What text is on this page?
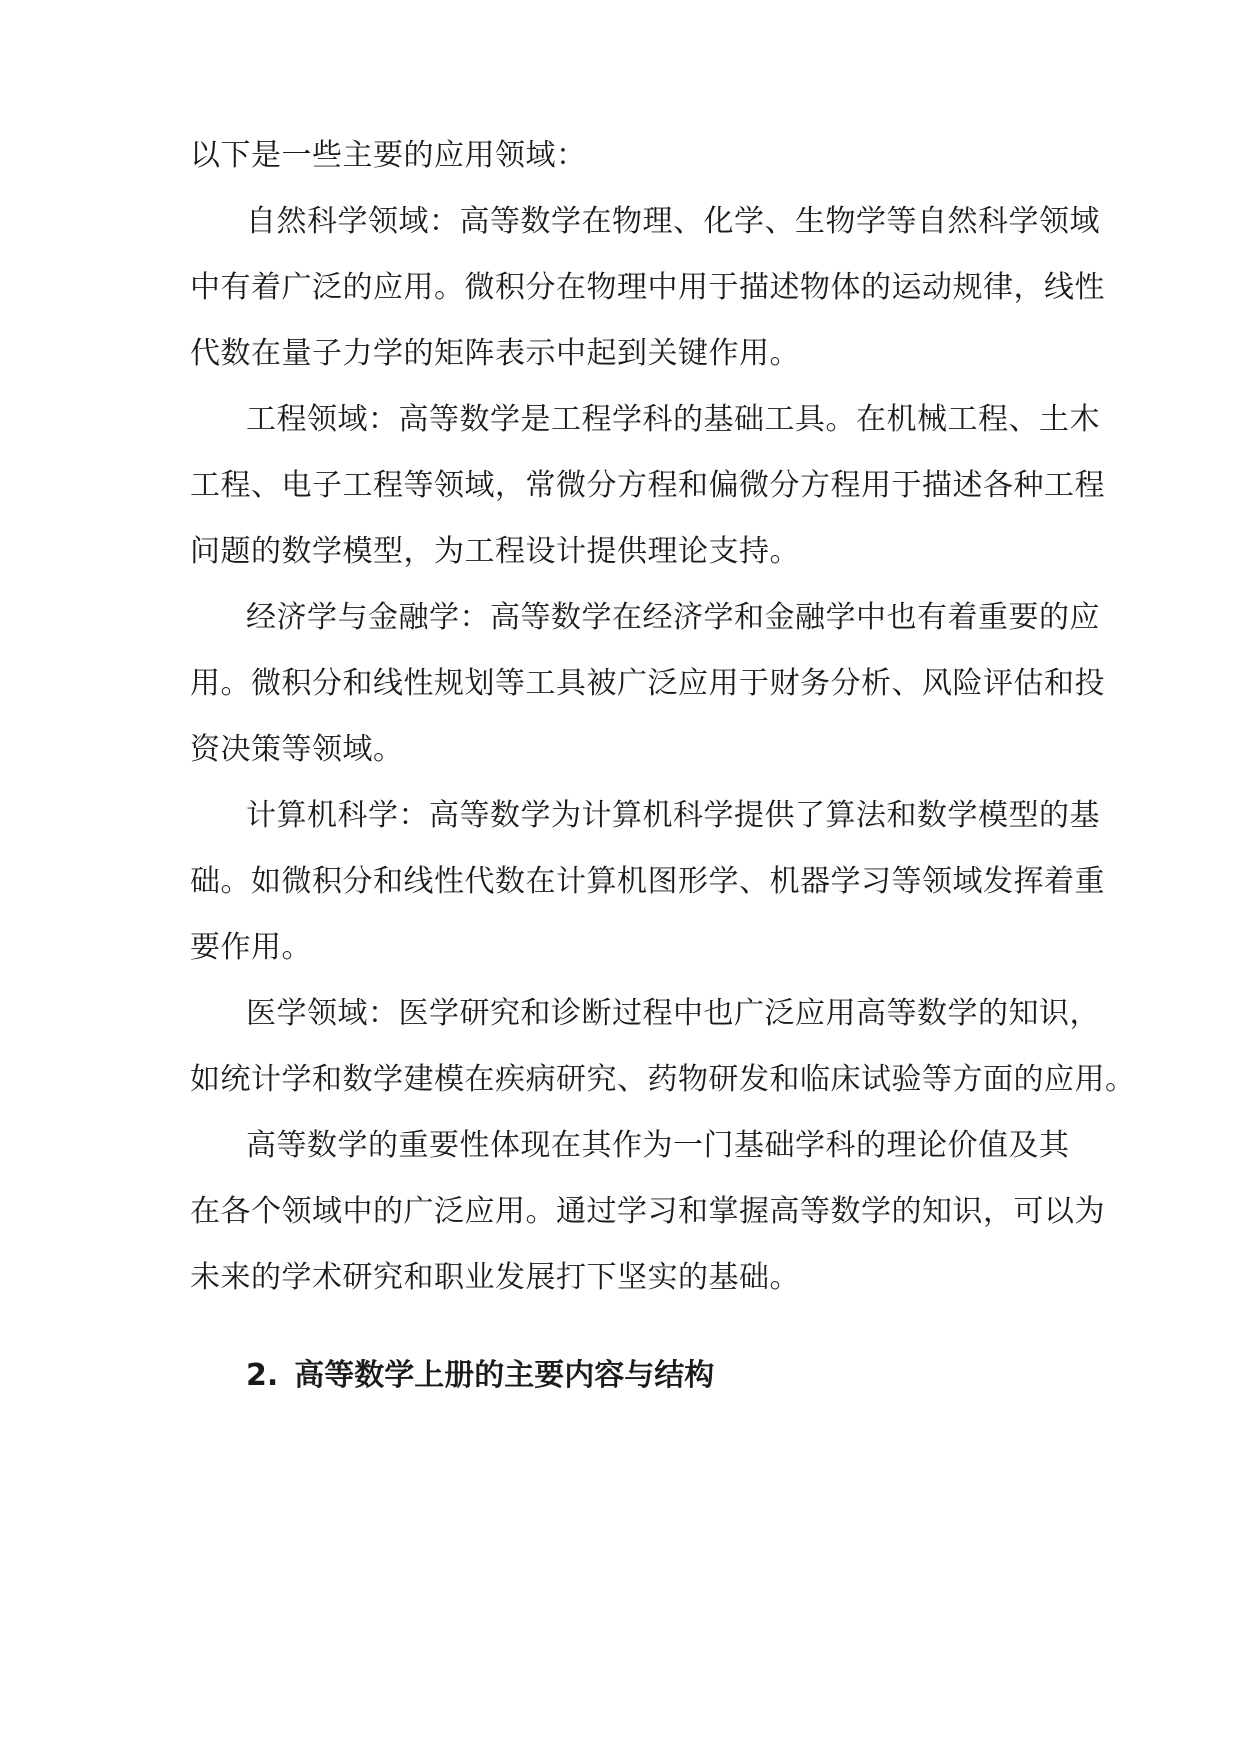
以下是一些主要的应用领域：
自然科学领域：高等数学在物理、化学、生物学等自然科学领域
中有着广泛的应用。微积分在物理中用于描述物体的运动规律，线性
代数在量子力学的矩阵表示中起到关键作用。
工程领域：高等数学是工程学科的基础工具。在机械工程、土木
工程、电子工程等领域，常微分方程和偏微分方程用于描述各种工程
问题的数学模型，为工程设计提供理论支持。
经济学与金融学：高等数学在经济学和金融学中也有着重要的应
用。微积分和线性规划等工具被广泛应用于财务分析、风险评估和投
资决策等领域。
计算机科学：高等数学为计算机科学提供了算法和数学模型的基
础。如微积分和线性代数在计算机图形学、机器学习等领域发挥着重
要作用。
医学领域：医学研究和诊断过程中也广泛应用高等数学的知识，
如统计学和数学建模在疾病研究、药物研发和临床试验等方面的应用。
高等数学的重要性体现在其作为一门基础学科的理论价值及其
在各个领域中的广泛应用。通过学习和掌握高等数学的知识，可以为
未来的学术研究和职业发展打下坚实的基础。
2. 高等数学上册的主要内容与结构
